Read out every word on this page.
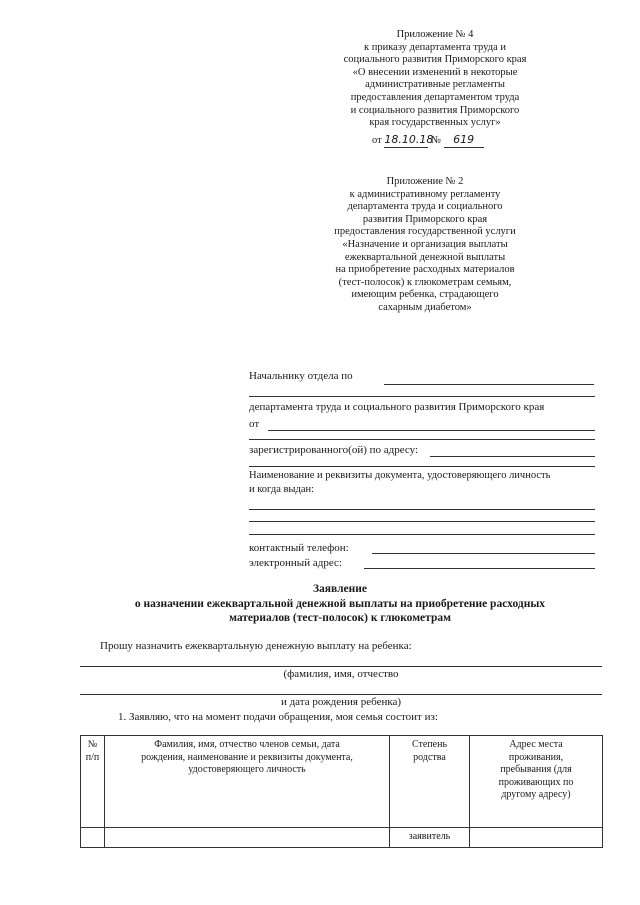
Приложение № 4
к приказу департамента труда и
социального развития Приморского края
«О внесении изменений в некоторые
административные регламенты
предоставления департаментом труда
и социального развития Приморского
края государственных услуг»
от 18.10.18 № 619
Приложение № 2
к административному регламенту
департамента труда и социального
развития Приморского края
предоставления государственной услуги
«Назначение и организация выплаты
ежеквартальной денежной выплаты
на приобретение расходных материалов
(тест-полосок) к глюкометрам семьям,
имеющим ребенка, страдающего
сахарным диабетом»
Начальнику отдела по
департамента труда и социального развития Приморского края
от
зарегистрированного(ой) по адресу:
Наименование и реквизиты документа, удостоверяющего личность
и когда выдан:
контактный телефон:
электронный адрес:
Заявление
о назначении ежеквартальной денежной выплаты на приобретение расходных
материалов (тест-полосок) к глюкометрам
Прошу назначить ежеквартальную денежную выплату на ребенка:
(фамилия, имя, отчество
и дата рождения ребенка)
1. Заявляю, что на момент подачи обращения, моя семья состоит из:
№ п/п	Фамилия, имя, отчество членов семьи, дата рождения, наименование и реквизиты документа, удостоверяющего личность	Степень родства	Адрес места проживания, пребывания (для проживающих по другому адресу)
		заявитель	
